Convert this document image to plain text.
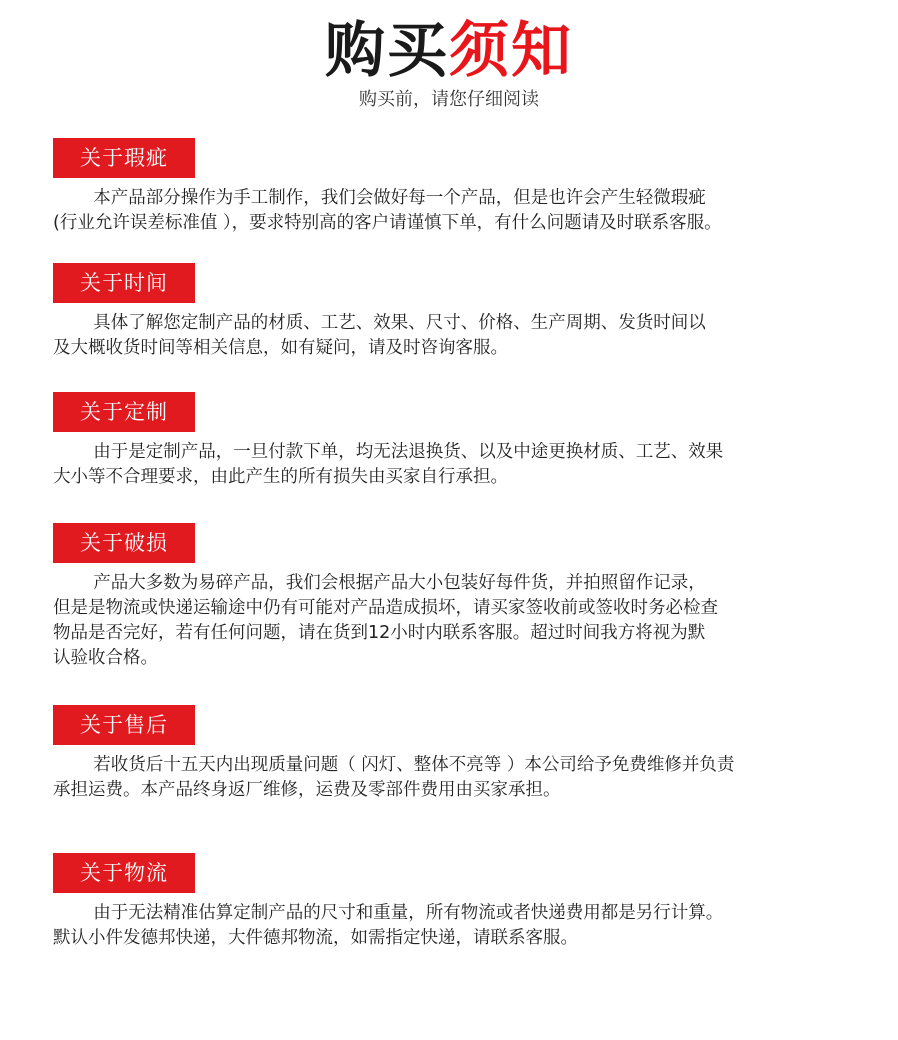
购买须知
购买前，请您仔细阅读
关于瑕疵

本产品部分操作为手工制作，我们会做好每一个产品，但是也许会产生轻微瑕疵
(行业允许误差标准值 ），要求特别高的客户请谨慎下单，有什么问题请及时联系客服。

关于时间

具体了解您定制产品的材质、工艺、效果、尺寸、价格、生产周期、发货时间以
及大概收货时间等相关信息，如有疑问，请及时咨询客服。

关于定制

由于是定制产品，一旦付款下单，均无法退换货、以及中途更换材质、工艺、效果
大小等不合理要求，由此产生的所有损失由买家自行承担。

关于破损

产品大多数为易碎产品，我们会根据产品大小包装好每件货，并拍照留作记录，
但是是物流或快递运输途中仍有可能对产品造成损坏，请买家签收前或签收时务必检查
物品是否完好，若有任何问题，请在货到12小时内联系客服。超过时间我方将视为默
认验收合格。

关于售后

若收货后十五天内出现质量问题（ 闪灯、整体不亮等 ）本公司给予免费维修并负责
承担运费。本产品终身返厂维修，运费及零部件费用由买家承担。

关于物流

由于无法精准估算定制产品的尺寸和重量，所有物流或者快递费用都是另行计算。
默认小件发德邦快递，大件德邦物流，如需指定快递，请联系客服。
